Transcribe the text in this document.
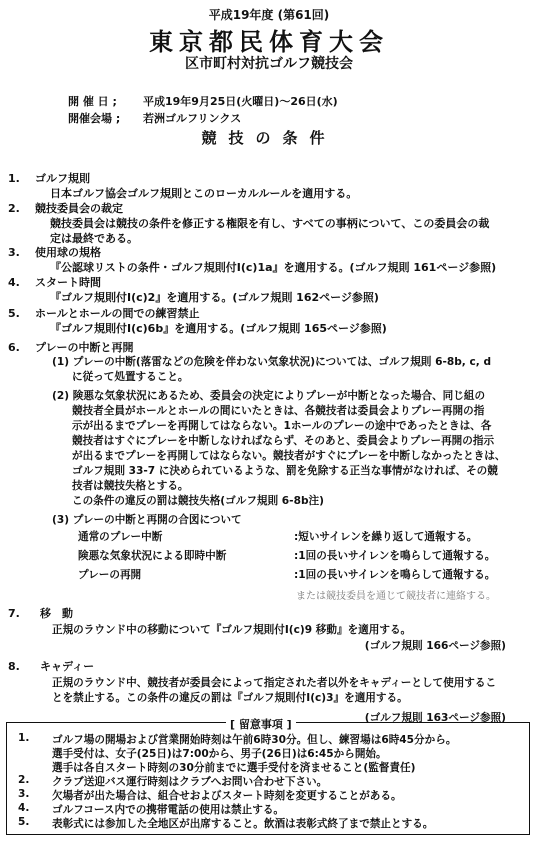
平成19年度 (第61回)
東京都民体育大会
区市町村対抗ゴルフ競技会
開 催 日 ; 平成19年9月25日(火曜日)～26日(水)
開催会場 ; 若洲ゴルフリンクス
競技の条件
1. ゴルフ規則
日本ゴルフ協会ゴルフ規則とこのローカルルールを適用する。
2. 競技委員会の裁定
競技委員会は競技の条件を修正する権限を有し、すべての事柄について、この委員会の裁
定は最終である。
3. 使用球の規格
『公認球リストの条件・ゴルフ規則付Ⅰ(c)1a』を適用する。(ゴルフ規則 161ページ参照)
4. スタート時間
『ゴルフ規則付Ⅰ(c)2』を適用する。(ゴルフ規則 162ページ参照)
5. ホールとホールの間での練習禁止
『ゴルフ規則付Ⅰ(c)6b』を適用する。(ゴルフ規則 165ページ参照)
6. プレーの中断と再開
(1) プレーの中断(落雷などの危険を伴わない気象状況)については、ゴルフ規則 6-8b, c, d
に従って処置すること。
(2) 険悪な気象状況にあるため、委員会の決定によりプレーが中断となった場合、同じ組の
競技者全員がホールとホールの間にいたときは、各競技者は委員会よりプレー再開の指
示が出るまでプレーを再開してはならない。1ホールのプレーの途中であったときは、各
競技者はすぐにプレーを中断しなければならず、そのあと、委員会よりプレー再開の指示
が出るまでプレーを再開してはならない。競技者がすぐにプレーを中断しなかったときは、
ゴルフ規則 33-7 に決められているような、罰を免除する正当な事情がなければ、その競
技者は競技失格とする。
この条件の違反の罰は競技失格(ゴルフ規則 6-8b注)
(3) プレーの中断と再開の合図について
通常のプレー中断	:短いサイレンを繰り返して通報する。
険悪な気象状況による即時中断	:1回の長いサイレンを鳴らして通報する。
プレーの再開	:1回の長いサイレンを鳴らして通報する。
または競技委員を通じて競技者に連絡する。
7. 移　動
正規のラウンド中の移動について『ゴルフ規則付Ⅰ(c)9 移動』を適用する。
(ゴルフ規則 166ページ参照)
8. キャディー
正規のラウンド中、競技者が委員会によって指定された者以外をキャディーとして使用するこ
とを禁止する。この条件の違反の罰は『ゴルフ規則付Ⅰ(c)3』を適用する。
(ゴルフ規則 163ページ参照)
[ 留意事項 ]
1. ゴルフ場の開場および営業開始時刻は午前6時30分。但し、練習場は6時45分から。
選手受付は、女子(25日)は7:00から、男子(26日)は6:45から開始。
選手は各自スタート時刻の30分前までに選手受付を済ませること(監督責任)
2. クラブ送迎バス運行時刻はクラブへお問い合わせ下さい。
3. 欠場者が出た場合は、組合せおよびスタート時刻を変更することがある。
4. ゴルフコース内での携帯電話の使用は禁止する。
5. 表彰式には参加した全地区が出席すること。飲酒は表彰式終了まで禁止とする。
